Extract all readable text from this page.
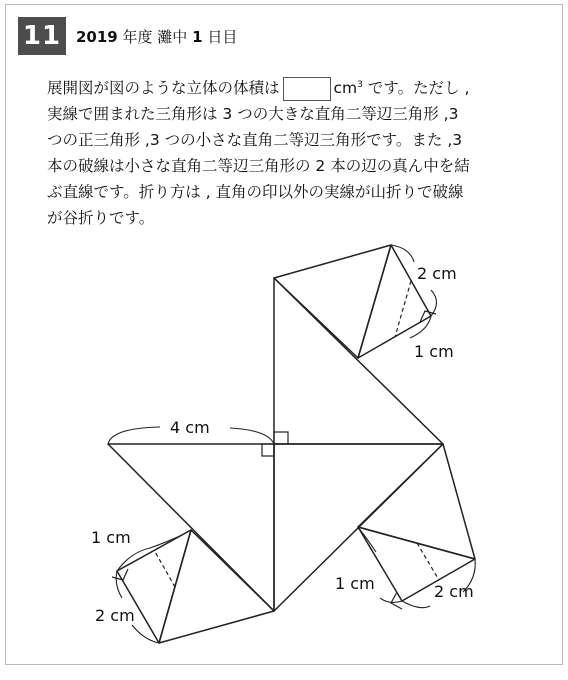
11 2019 年度 灘中 1 日目

展開図が図のような立体の体積は	$cm^3$ です。ただし ,

実線で囲まれた三角形は 3 つの大きな直角二等辺三角形 ,3

つの正三角形 ,3 つの小さな直角二等辺三角形です。また ,3

本の破線は小さな直角二等辺三角形の 2 本の辺の真ん中を結

ぶ直線です。折り方は , 直角の印以外の実線が山折りで破線

が谷折りです。

4 cm
2 cm
1 cm
1 cm
2 cm
1 cm	2 cm
